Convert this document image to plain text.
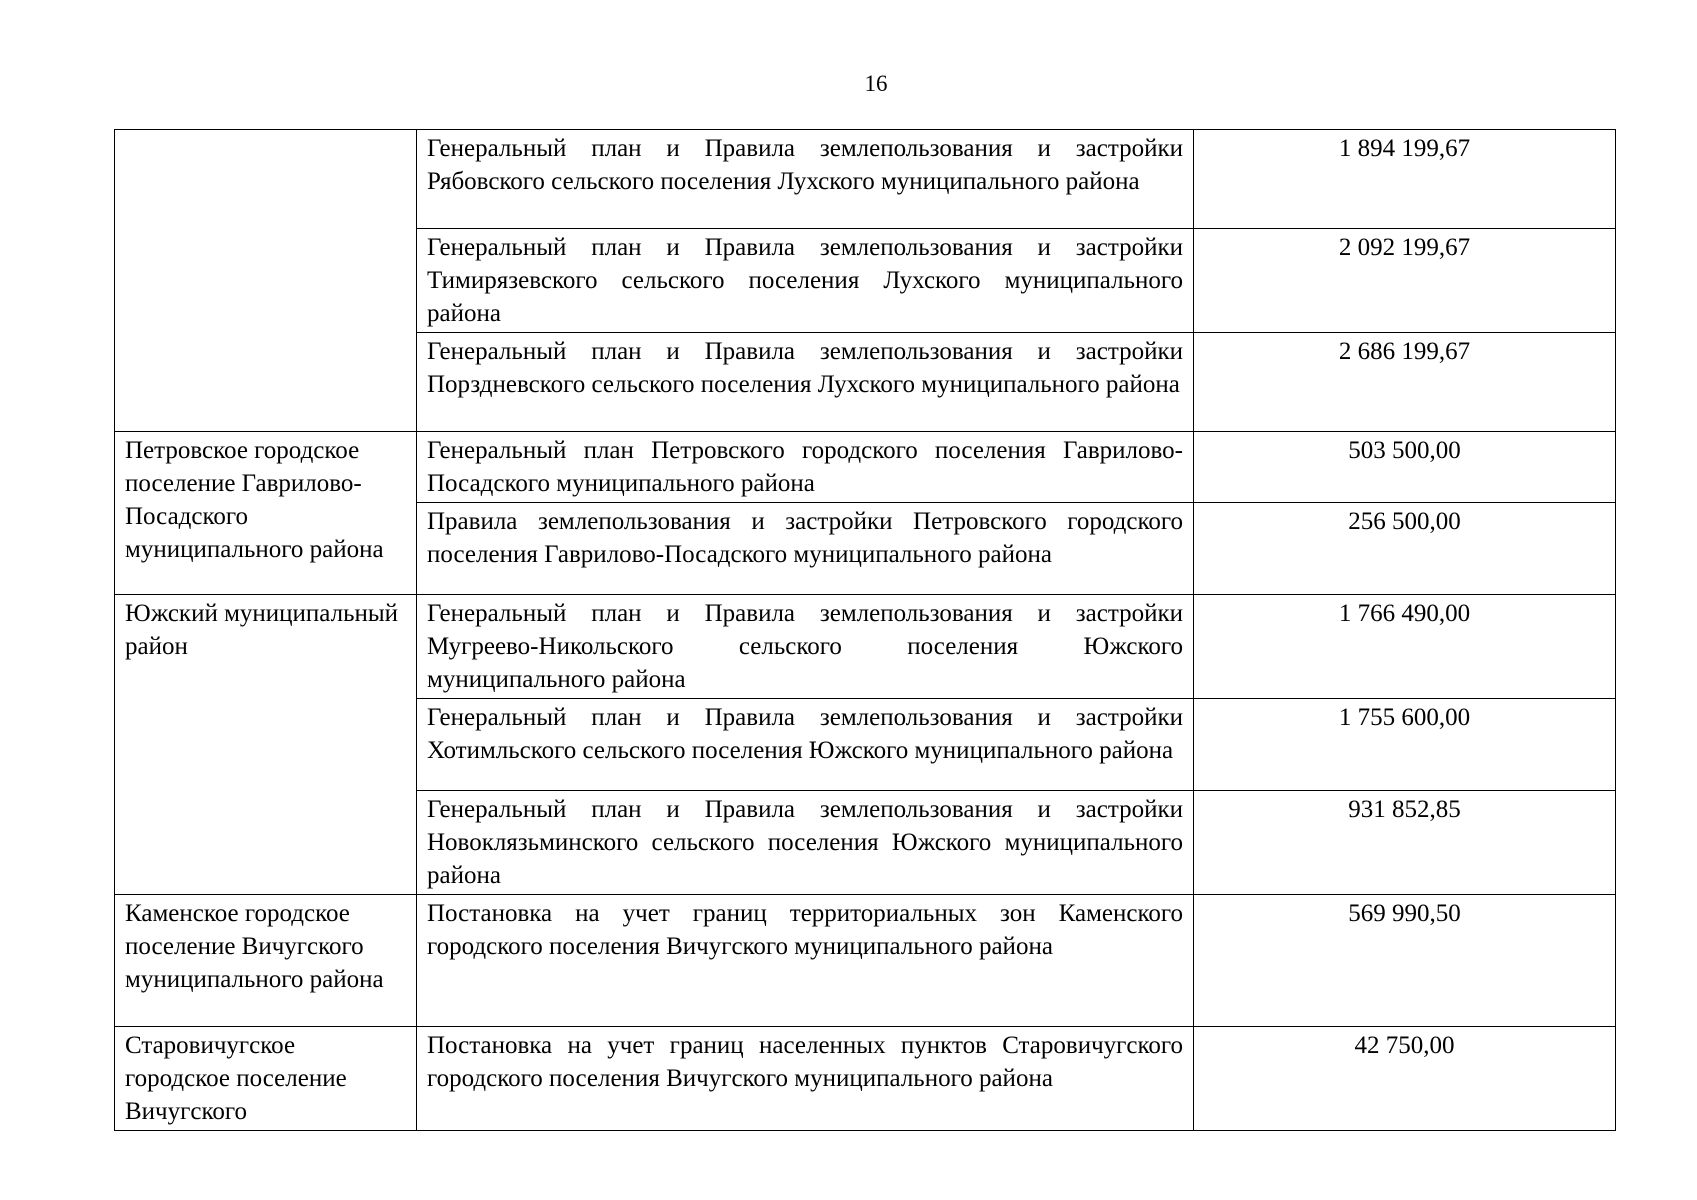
16
	Генеральный план и Правила землепользования и застройки Рябовского сельского поселения Лухского муниципального района	1 894 199,67
	Генеральный план и Правила землепользования и застройки Тимирязевского сельского поселения Лухского муниципального района	2 092 199,67
	Генеральный план и Правила землепользования и застройки Порздневского сельского поселения Лухского муниципального района	2 686 199,67
Петровское городское поселение Гаврилово-Посадского муниципального района	Генеральный план Петровского городского поселения Гаврилово-Посадского муниципального района	503 500,00
	Правила землепользования и застройки Петровского городского поселения Гаврилово-Посадского муниципального района	256 500,00
Южский муниципальный район	Генеральный план и Правила землепользования и застройки Мугреево-Никольского сельского поселения Южского муниципального района	1 766 490,00
	Генеральный план и Правила землепользования и застройки Хотимльского сельского поселения Южского муниципального района	1 755 600,00
	Генеральный план и Правила землепользования и застройки Новоклязьминского сельского поселения Южского муниципального района	931 852,85
Каменское городское поселение Вичугского муниципального района	Постановка на учет границ территориальных зон Каменского городского поселения Вичугского муниципального района	569 990,50
Старовичугское городское поселение Вичугского	Постановка на учет границ населенных пунктов Старовичугского городского поселения Вичугского муниципального района	42 750,00
